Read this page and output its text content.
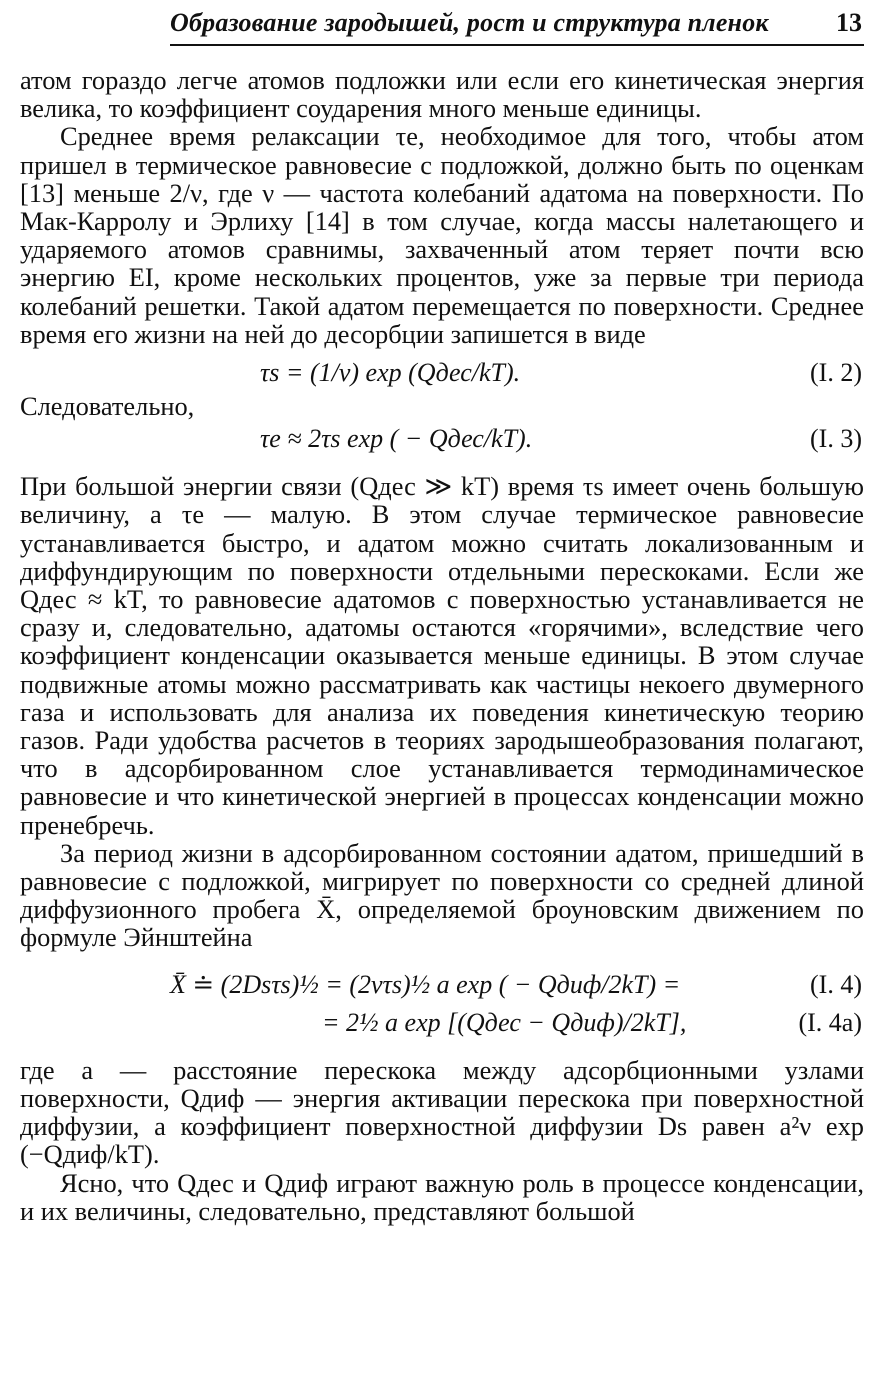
Образование зародышей, рост и структура пленок	13

атом гораздо легче атомов подложки или если его кинетическая энергия велика, то коэффициент соударения много меньше единицы.

Среднее время релаксации τe, необходимое для того, чтобы атом пришел в термическое равновесие с подложкой, должно быть по оценкам [13] меньше 2/ν, где ν — частота колебаний адатома на поверхности. По Мак-Карролу и Эрлиху [14] в том случае, когда массы налетающего и ударяемого атомов сравнимы, захваченный атом теряет почти всю энергию EI, кроме нескольких процентов, уже за первые три периода колебаний решетки. Такой адатом перемещается по поверхности. Среднее время его жизни на ней до десорбции запишется в виде

τs = (1/ν) exp (Qдес/kT).	(I. 2)

Следовательно,

τe ≈ 2τs exp ( − Qдес/kT).	(I. 3)

При большой энергии связи (Qдес ≫ kT) время τs имеет очень большую величину, а τe — малую. В этом случае термическое равновесие устанавливается быстро, и адатом можно считать локализованным и диффундирующим по поверхности отдельными перескоками. Если же Qдес ≈ kT, то равновесие адатомов с поверхностью устанавливается не сразу и, следовательно, адатомы остаются «горячими», вследствие чего коэффициент конденсации оказывается меньше единицы. В этом случае подвижные атомы можно рассматривать как частицы некоего двумерного газа и использовать для анализа их поведения кинетическую теорию газов. Ради удобства расчетов в теориях зародышеобразования полагают, что в адсорбированном слое устанавливается термодинамическое равновесие и что кинетической энергией в процессах конденсации можно пренебречь.

За период жизни в адсорбированном состоянии адатом, пришедший в равновесие с подложкой, мигрирует по поверхности со средней длиной диффузионного пробега X̄, определяемой броуновским движением по формуле Эйнштейна

X̄ ≐ (2Dsτs)½ = (2ντs)½ a exp ( − Qдиф/2kT) =	(I. 4)
= 2½ a exp [(Qдес − Qдиф)/2kT],	(I. 4а)

где a — расстояние перескока между адсорбционными узлами поверхности, Qдиф — энергия активации перескока при поверхностной диффузии, а коэффициент поверхностной диффузии Ds равен a²ν exp (−Qдиф/kT).

Ясно, что Qдес и Qдиф играют важную роль в процессе конденсации, и их величины, следовательно, представляют большой
